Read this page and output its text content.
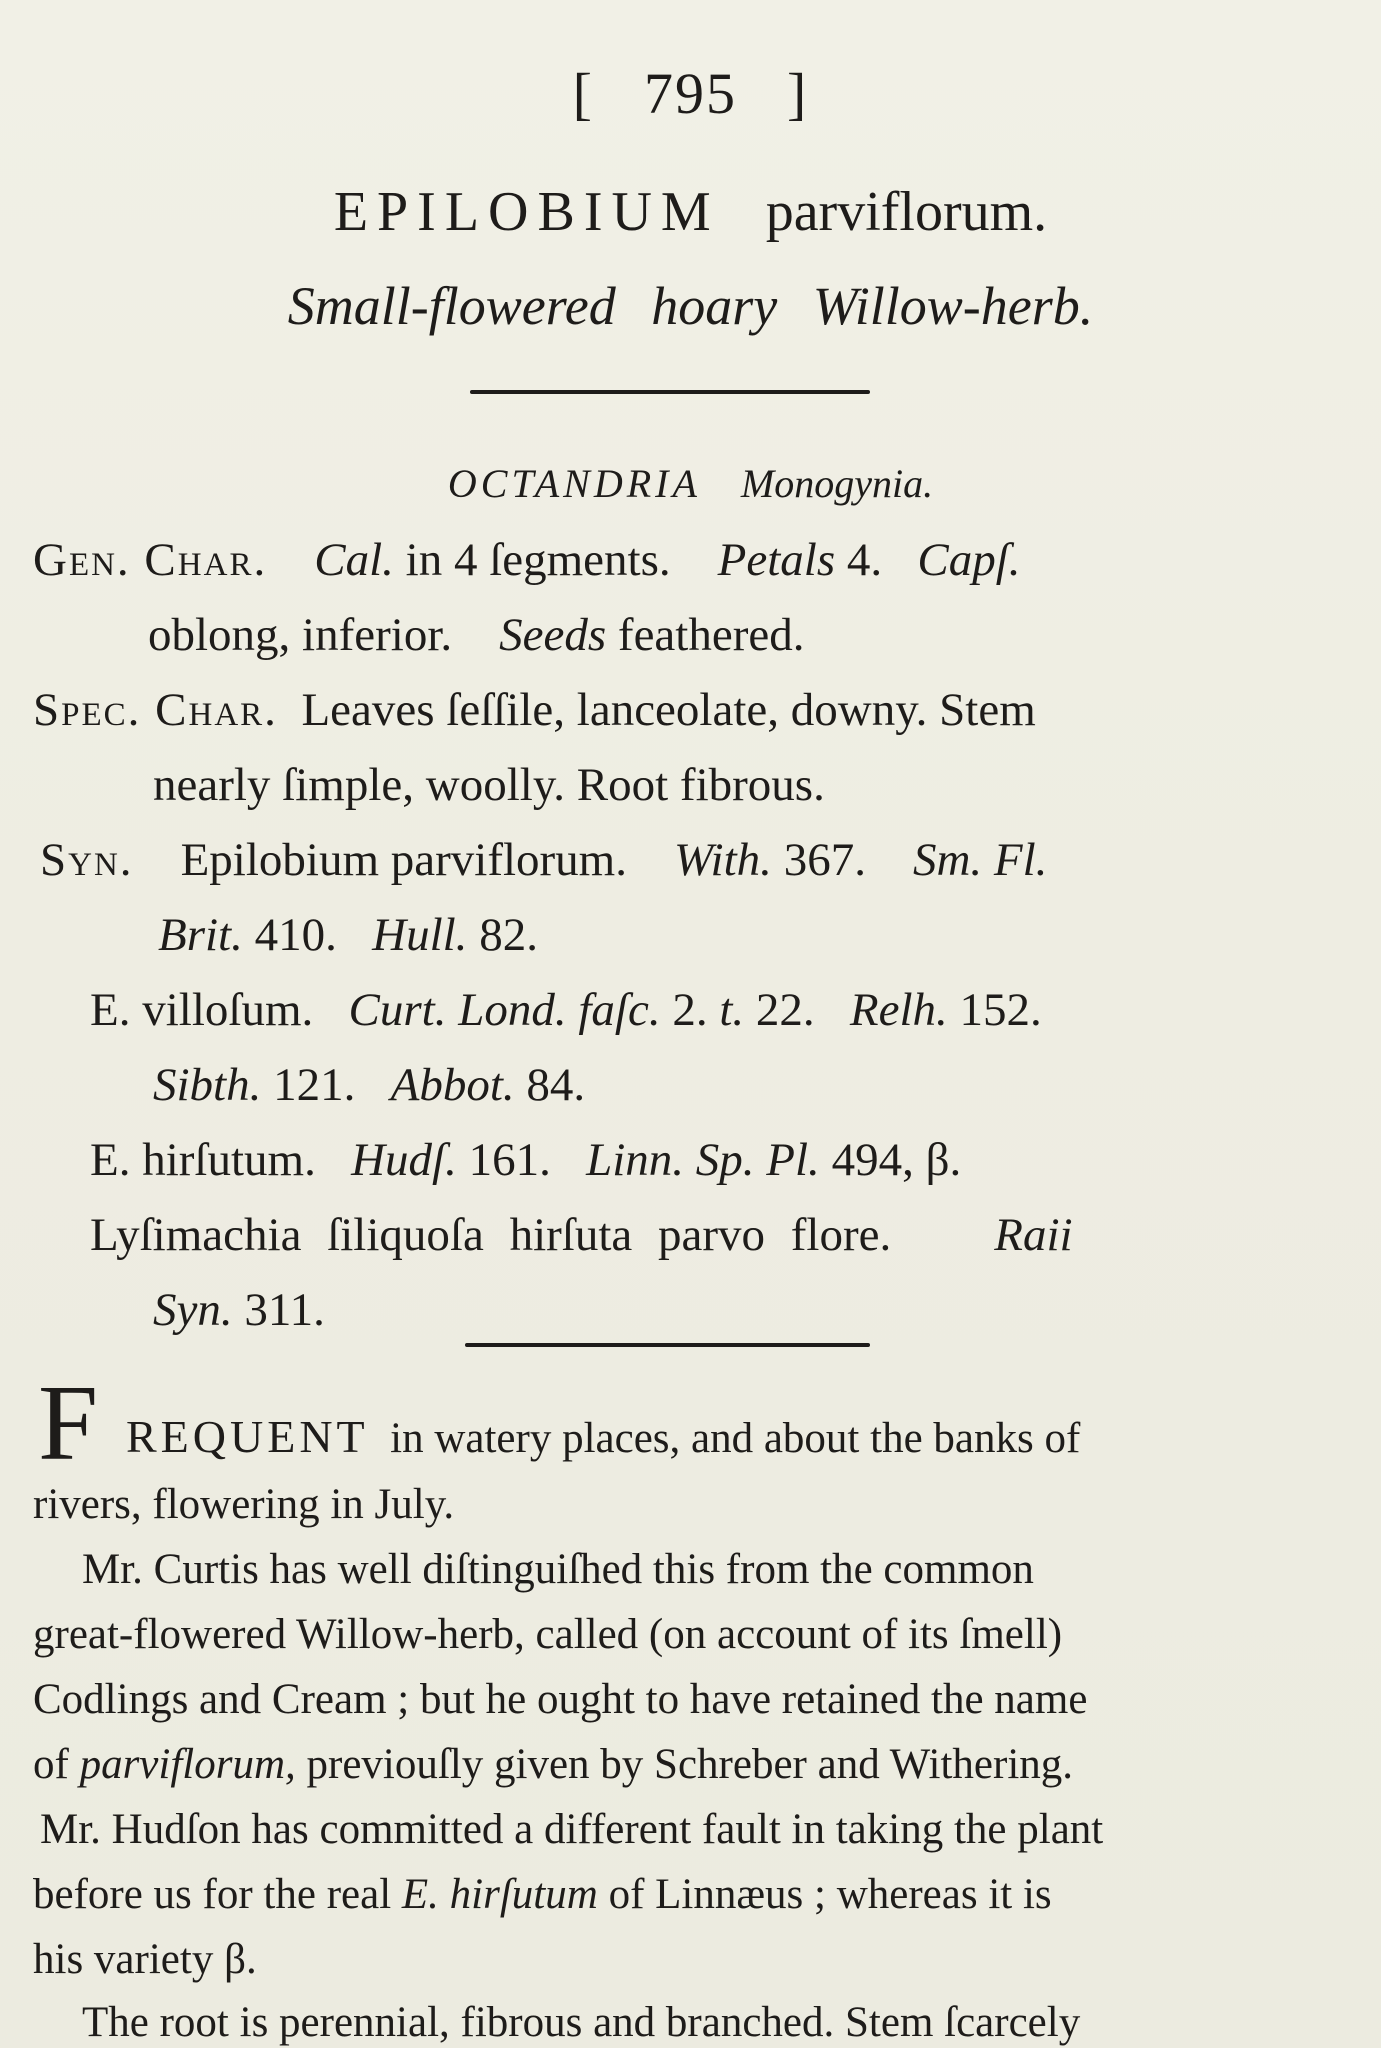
[ 795 ]
EPILOBIUM parviflorum.
Small-flowered hoary Willow-herb.
OCTANDRIA Monogynia.
Gen. Char. Cal. in 4 ſegments. Petals 4. Capſ.
oblong, inferior. Seeds feathered.
Spec. Char. Leaves ſeſſile, lanceolate, downy. Stem
nearly ſimple, woolly. Root fibrous.
Syn. Epilobium parviflorum. With. 367. Sm. Fl.
Brit. 410. Hull. 82.
E. villoſum. Curt. Lond. faſc. 2. t. 22. Relh. 152.
Sibth. 121. Abbot. 84.
E. hirſutum. Hudſ. 161. Linn. Sp. Pl. 494, β.
Lyſimachia ſiliquoſa hirſuta parvo flore. Raii
Syn. 311.
F REQUENT in watery places, and about the banks of
rivers, flowering in July.
Mr. Curtis has well diſtinguiſhed this from the common
great-flowered Willow-herb, called (on account of its ſmell)
Codlings and Cream ; but he ought to have retained the name
of parviflorum, previouſly given by Schreber and Withering.
Mr. Hudſon has committed a different fault in taking the plant
before us for the real E. hirſutum of Linnæus ; whereas it is
his variety β.
The root is perennial, fibrous and branched. Stem ſcarcely
